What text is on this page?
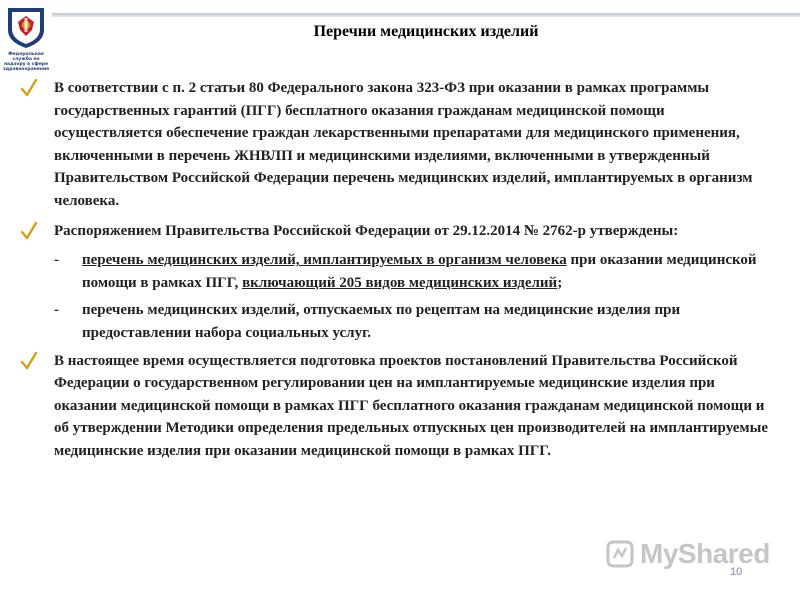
Федеральная служба по надзору в сфере здравоохранения
Перечни медицинских изделий
В соответствии с п. 2 статьи 80 Федерального закона 323-ФЗ при оказании в рамках программы государственных гарантий (ПГГ) бесплатного оказания гражданам медицинской помощи осуществляется обеспечение граждан лекарственными препаратами для медицинского применения, включенными в перечень ЖНВЛП и медицинскими изделиями, включенными в утвержденный Правительством Российской Федерации перечень медицинских изделий, имплантируемых в организм человека.
Распоряжением Правительства Российской Федерации от 29.12.2014 № 2762-р утверждены:
- перечень медицинских изделий, имплантируемых в организм человека при оказании медицинской помощи в рамках ПГГ, включающий 205 видов медицинских изделий;
- перечень медицинских изделий, отпускаемых по рецептам на медицинские изделия при предоставлении набора социальных услуг.
В настоящее время осуществляется подготовка проектов постановлений Правительства Российской Федерации о государственном регулировании цен на имплантируемые медицинские изделия при оказании медицинской помощи в рамках ПГГ бесплатного оказания гражданам медицинской помощи и об утверждении Методики определения предельных отпускных цен производителей на имплантируемые медицинские изделия при оказании медицинской помощи в рамках ПГГ.
MyShared
10
